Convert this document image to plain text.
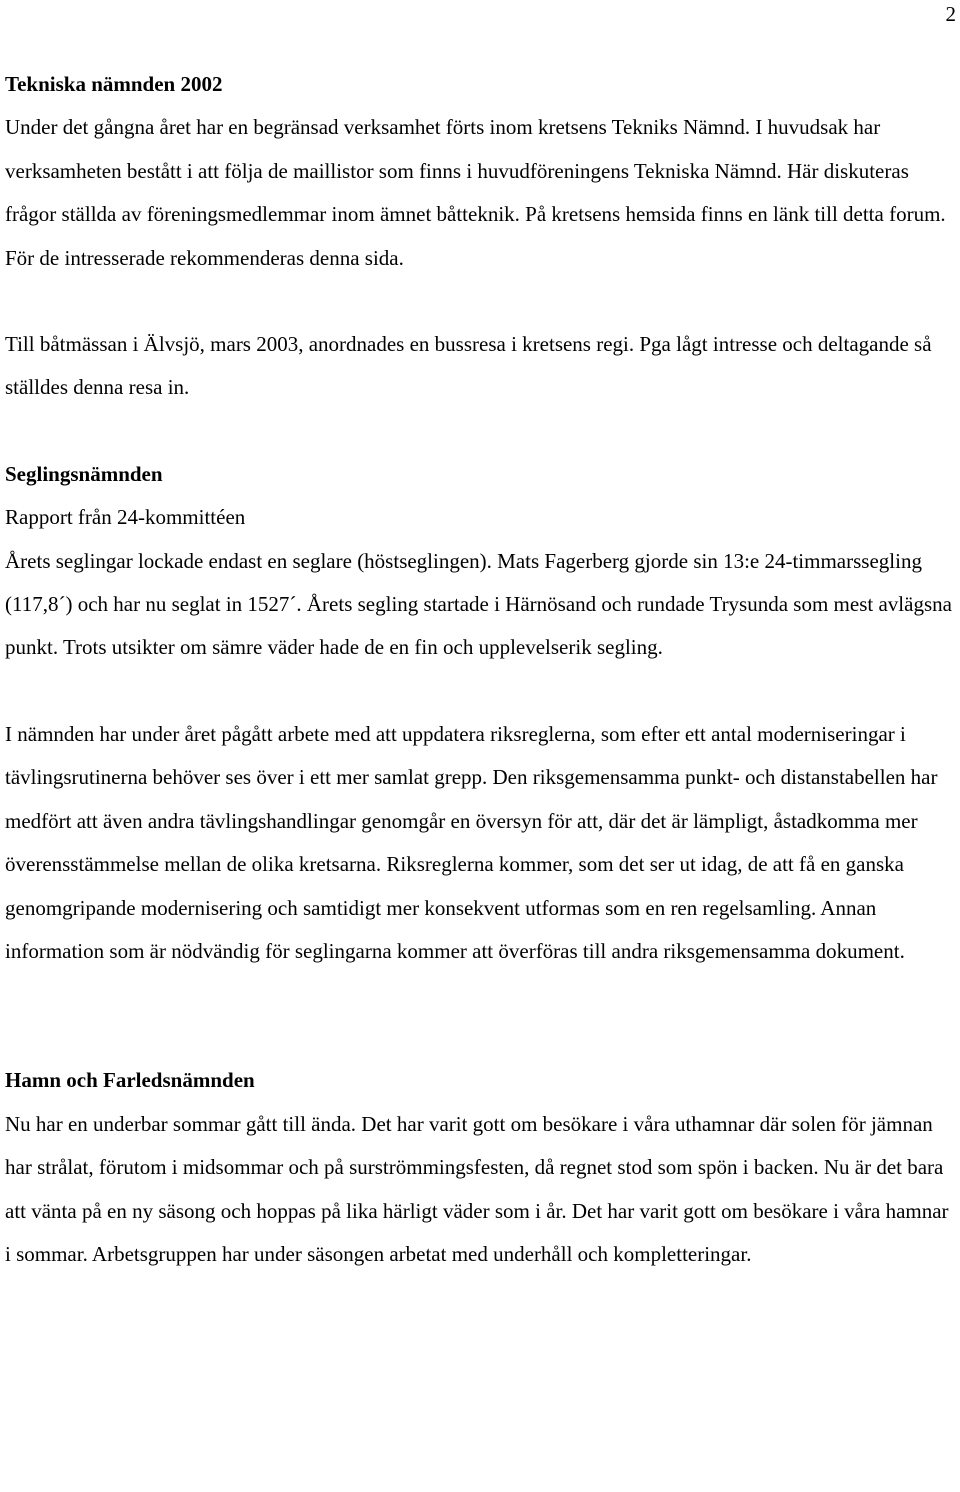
2

Tekniska nämnden 2002

Under det gångna året har en begränsad verksamhet förts inom kretsens Tekniks Nämnd. I huvudsak har verksamheten bestått i att följa de maillistor som finns i huvudföreningens Tekniska Nämnd. Här diskuteras frågor ställda av föreningsmedlemmar inom ämnet båtteknik. På kretsens hemsida finns en länk till detta forum. För de intresserade rekommenderas denna sida.

Till båtmässan i Älvsjö, mars 2003, anordnades en bussresa i kretsens regi. Pga lågt intresse och deltagande så ställdes denna resa in.

Seglingsnämnden

Rapport från 24-kommittéen

Årets seglingar lockade endast en seglare (höstseglingen). Mats Fagerberg gjorde sin 13:e 24-timmarssegling (117,8´) och har nu seglat in 1527´. Årets segling startade i Härnösand och rundade Trysunda som mest avlägsna punkt. Trots utsikter om sämre väder hade de en fin och upplevelserik segling.

I nämnden har under året pågått arbete med att uppdatera riksreglerna, som efter ett antal moderniseringar i tävlingsrutinerna behöver ses över i ett mer samlat grepp. Den riksgemensamma punkt- och distanstabellen har medfört att även andra tävlingshandlingar genomgår en översyn för att, där det är lämpligt, åstadkomma mer överensstämmelse mellan de olika kretsarna. Riksreglerna kommer, som det ser ut idag, de att få en ganska genomgripande modernisering och samtidigt mer konsekvent utformas som en ren regelsamling. Annan information som är nödvändig för seglingarna kommer att överföras till andra riksgemensamma dokument.

Hamn och Farledsnämnden

Nu har en underbar sommar gått till ända. Det har varit gott om besökare i våra uthamnar där solen för jämnan har strålat, förutom i midsommar och på surströmmingsfesten, då regnet stod som spön i backen. Nu är det bara att vänta på en ny säsong och hoppas på lika härligt väder som i år. Det har varit gott om besökare i våra hamnar i sommar. Arbetsgruppen har under säsongen arbetat med underhåll och kompletteringar.
